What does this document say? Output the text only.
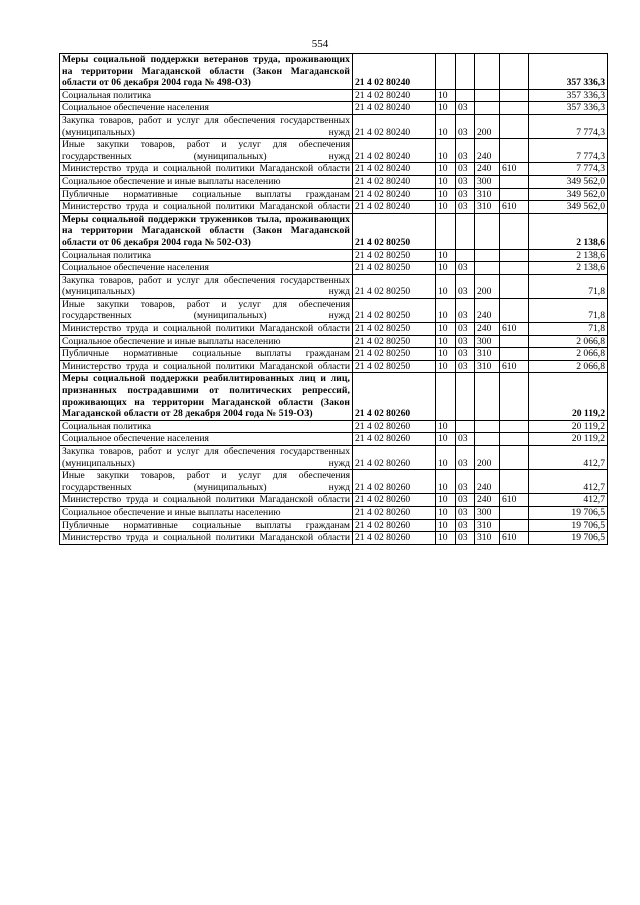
554
Меры социальной поддержки ветеранов труда, проживающих на территории Магаданской области (Закон Магаданской области от 06 декабря 2004 года № 498-ОЗ)	21 4 02 80240					357 336,3
Социальная политика	21 4 02 80240	10				357 336,3
Социальное обеспечение населения	21 4 02 80240	10	03			357 336,3
Закупка товаров, работ и услуг для обеспечения государственных (муниципальных) нужд	21 4 02 80240	10	03	200		7 774,3
Иные закупки товаров, работ и услуг для обеспечения государственных (муниципальных) нужд	21 4 02 80240	10	03	240		7 774,3
Министерство труда и социальной политики Магаданской области	21 4 02 80240	10	03	240	610	7 774,3
Социальное обеспечение и иные выплаты населению	21 4 02 80240	10	03	300		349 562,0
Публичные нормативные социальные выплаты гражданам	21 4 02 80240	10	03	310		349 562,0
Министерство труда и социальной политики Магаданской области	21 4 02 80240	10	03	310	610	349 562,0
Меры социальной поддержки тружеников тыла, проживающих на территории Магаданской области (Закон Магаданской области от 06 декабря 2004 года № 502-ОЗ)	21 4 02 80250					2 138,6
Социальная политика	21 4 02 80250	10				2 138,6
Социальное обеспечение населения	21 4 02 80250	10	03			2 138,6
Закупка товаров, работ и услуг для обеспечения государственных (муниципальных) нужд	21 4 02 80250	10	03	200		71,8
Иные закупки товаров, работ и услуг для обеспечения государственных (муниципальных) нужд	21 4 02 80250	10	03	240		71,8
Министерство труда и социальной политики Магаданской области	21 4 02 80250	10	03	240	610	71,8
Социальное обеспечение и иные выплаты населению	21 4 02 80250	10	03	300		2 066,8
Публичные нормативные социальные выплаты гражданам	21 4 02 80250	10	03	310		2 066,8
Министерство труда и социальной политики Магаданской области	21 4 02 80250	10	03	310	610	2 066,8
Меры социальной поддержки реабилитированных лиц и лиц, признанных пострадавшими от политических репрессий, проживающих на территории Магаданской области (Закон Магаданской области от 28 декабря 2004 года № 519-ОЗ)	21 4 02 80260					20 119,2
Социальная политика	21 4 02 80260	10				20 119,2
Социальное обеспечение населения	21 4 02 80260	10	03			20 119,2
Закупка товаров, работ и услуг для обеспечения государственных (муниципальных) нужд	21 4 02 80260	10	03	200		412,7
Иные закупки товаров, работ и услуг для обеспечения государственных (муниципальных) нужд	21 4 02 80260	10	03	240		412,7
Министерство труда и социальной политики Магаданской области	21 4 02 80260	10	03	240	610	412,7
Социальное обеспечение и иные выплаты населению	21 4 02 80260	10	03	300		19 706,5
Публичные нормативные социальные выплаты гражданам	21 4 02 80260	10	03	310		19 706,5
Министерство труда и социальной политики Магаданской области	21 4 02 80260	10	03	310	610	19 706,5
